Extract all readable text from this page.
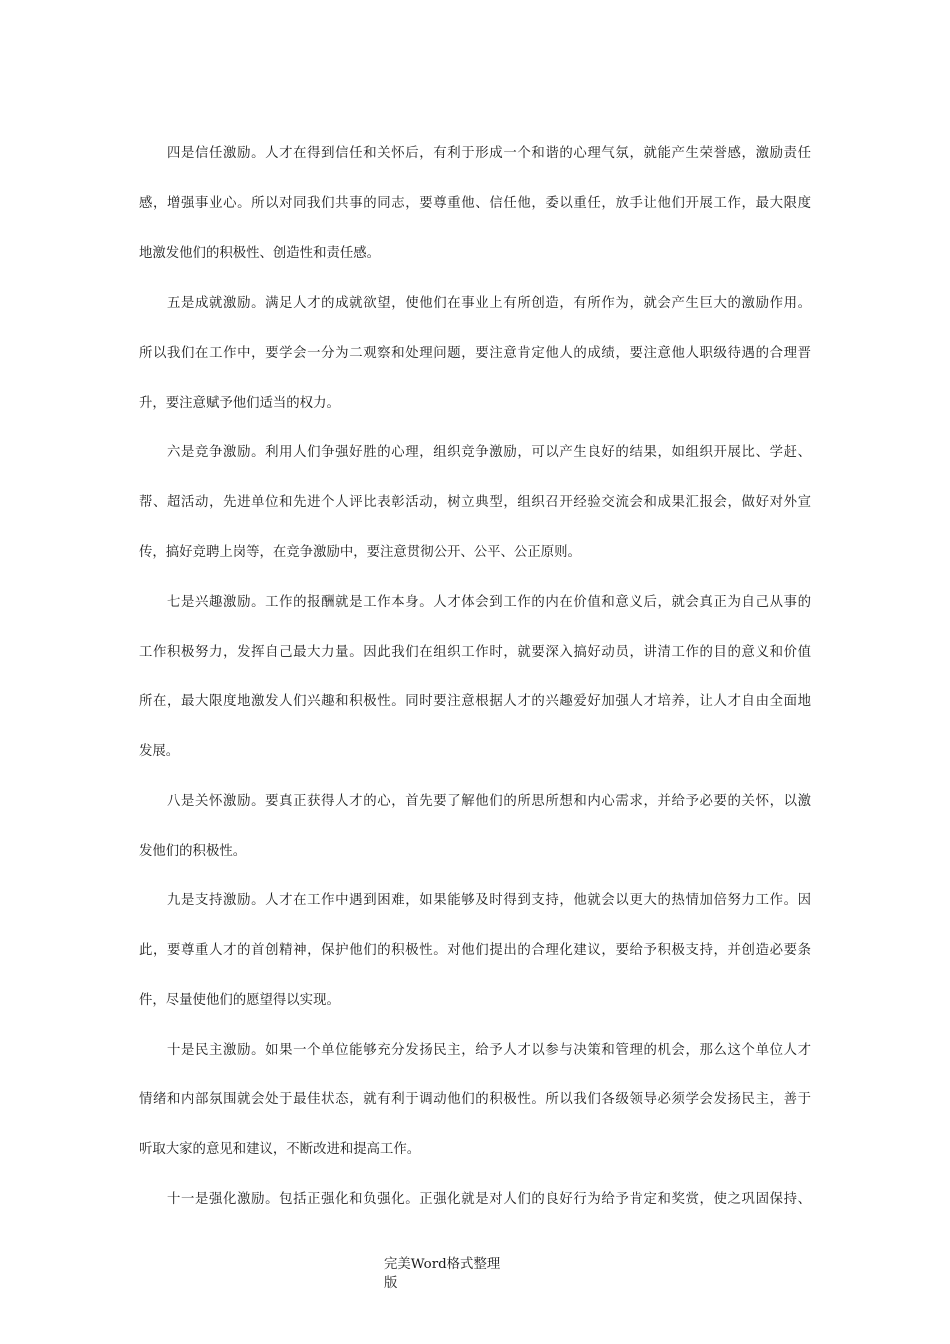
四是信任激励。人才在得到信任和关怀后，有利于形成一个和谐的心理气氛，就能产生荣誉感，激励责任
感，增强事业心。所以对同我们共事的同志，要尊重他、信任他，委以重任，放手让他们开展工作，最大限度
地激发他们的积极性、创造性和责任感。
五是成就激励。满足人才的成就欲望，使他们在事业上有所创造，有所作为，就会产生巨大的激励作用。
所以我们在工作中，要学会一分为二观察和处理问题，要注意肯定他人的成绩，要注意他人职级待遇的合理晋
升，要注意赋予他们适当的权力。
六是竞争激励。利用人们争强好胜的心理，组织竞争激励，可以产生良好的结果，如组织开展比、学赶、
帮、超活动，先进单位和先进个人评比表彰活动，树立典型，组织召开经验交流会和成果汇报会，做好对外宣
传，搞好竞聘上岗等，在竞争激励中，要注意贯彻公开、公平、公正原则。
七是兴趣激励。工作的报酬就是工作本身。人才体会到工作的内在价值和意义后，就会真正为自己从事的
工作积极努力，发挥自己最大力量。因此我们在组织工作时，就要深入搞好动员，讲清工作的目的意义和价值
所在，最大限度地激发人们兴趣和积极性。同时要注意根据人才的兴趣爱好加强人才培养，让人才自由全面地
发展。
八是关怀激励。要真正获得人才的心，首先要了解他们的所思所想和内心需求，并给予必要的关怀，以激
发他们的积极性。
九是支持激励。人才在工作中遇到困难，如果能够及时得到支持，他就会以更大的热情加倍努力工作。因
此，要尊重人才的首创精神，保护他们的积极性。对他们提出的合理化建议，要给予积极支持，并创造必要条
件，尽量使他们的愿望得以实现。
十是民主激励。如果一个单位能够充分发扬民主，给予人才以参与决策和管理的机会，那么这个单位人才
情绪和内部氛围就会处于最佳状态，就有利于调动他们的积极性。所以我们各级领导必须学会发扬民主，善于
听取大家的意见和建议，不断改进和提高工作。
十一是强化激励。包括正强化和负强化。正强化就是对人们的良好行为给予肯定和奖赏，使之巩固保持、
完美Word格式整理
版
